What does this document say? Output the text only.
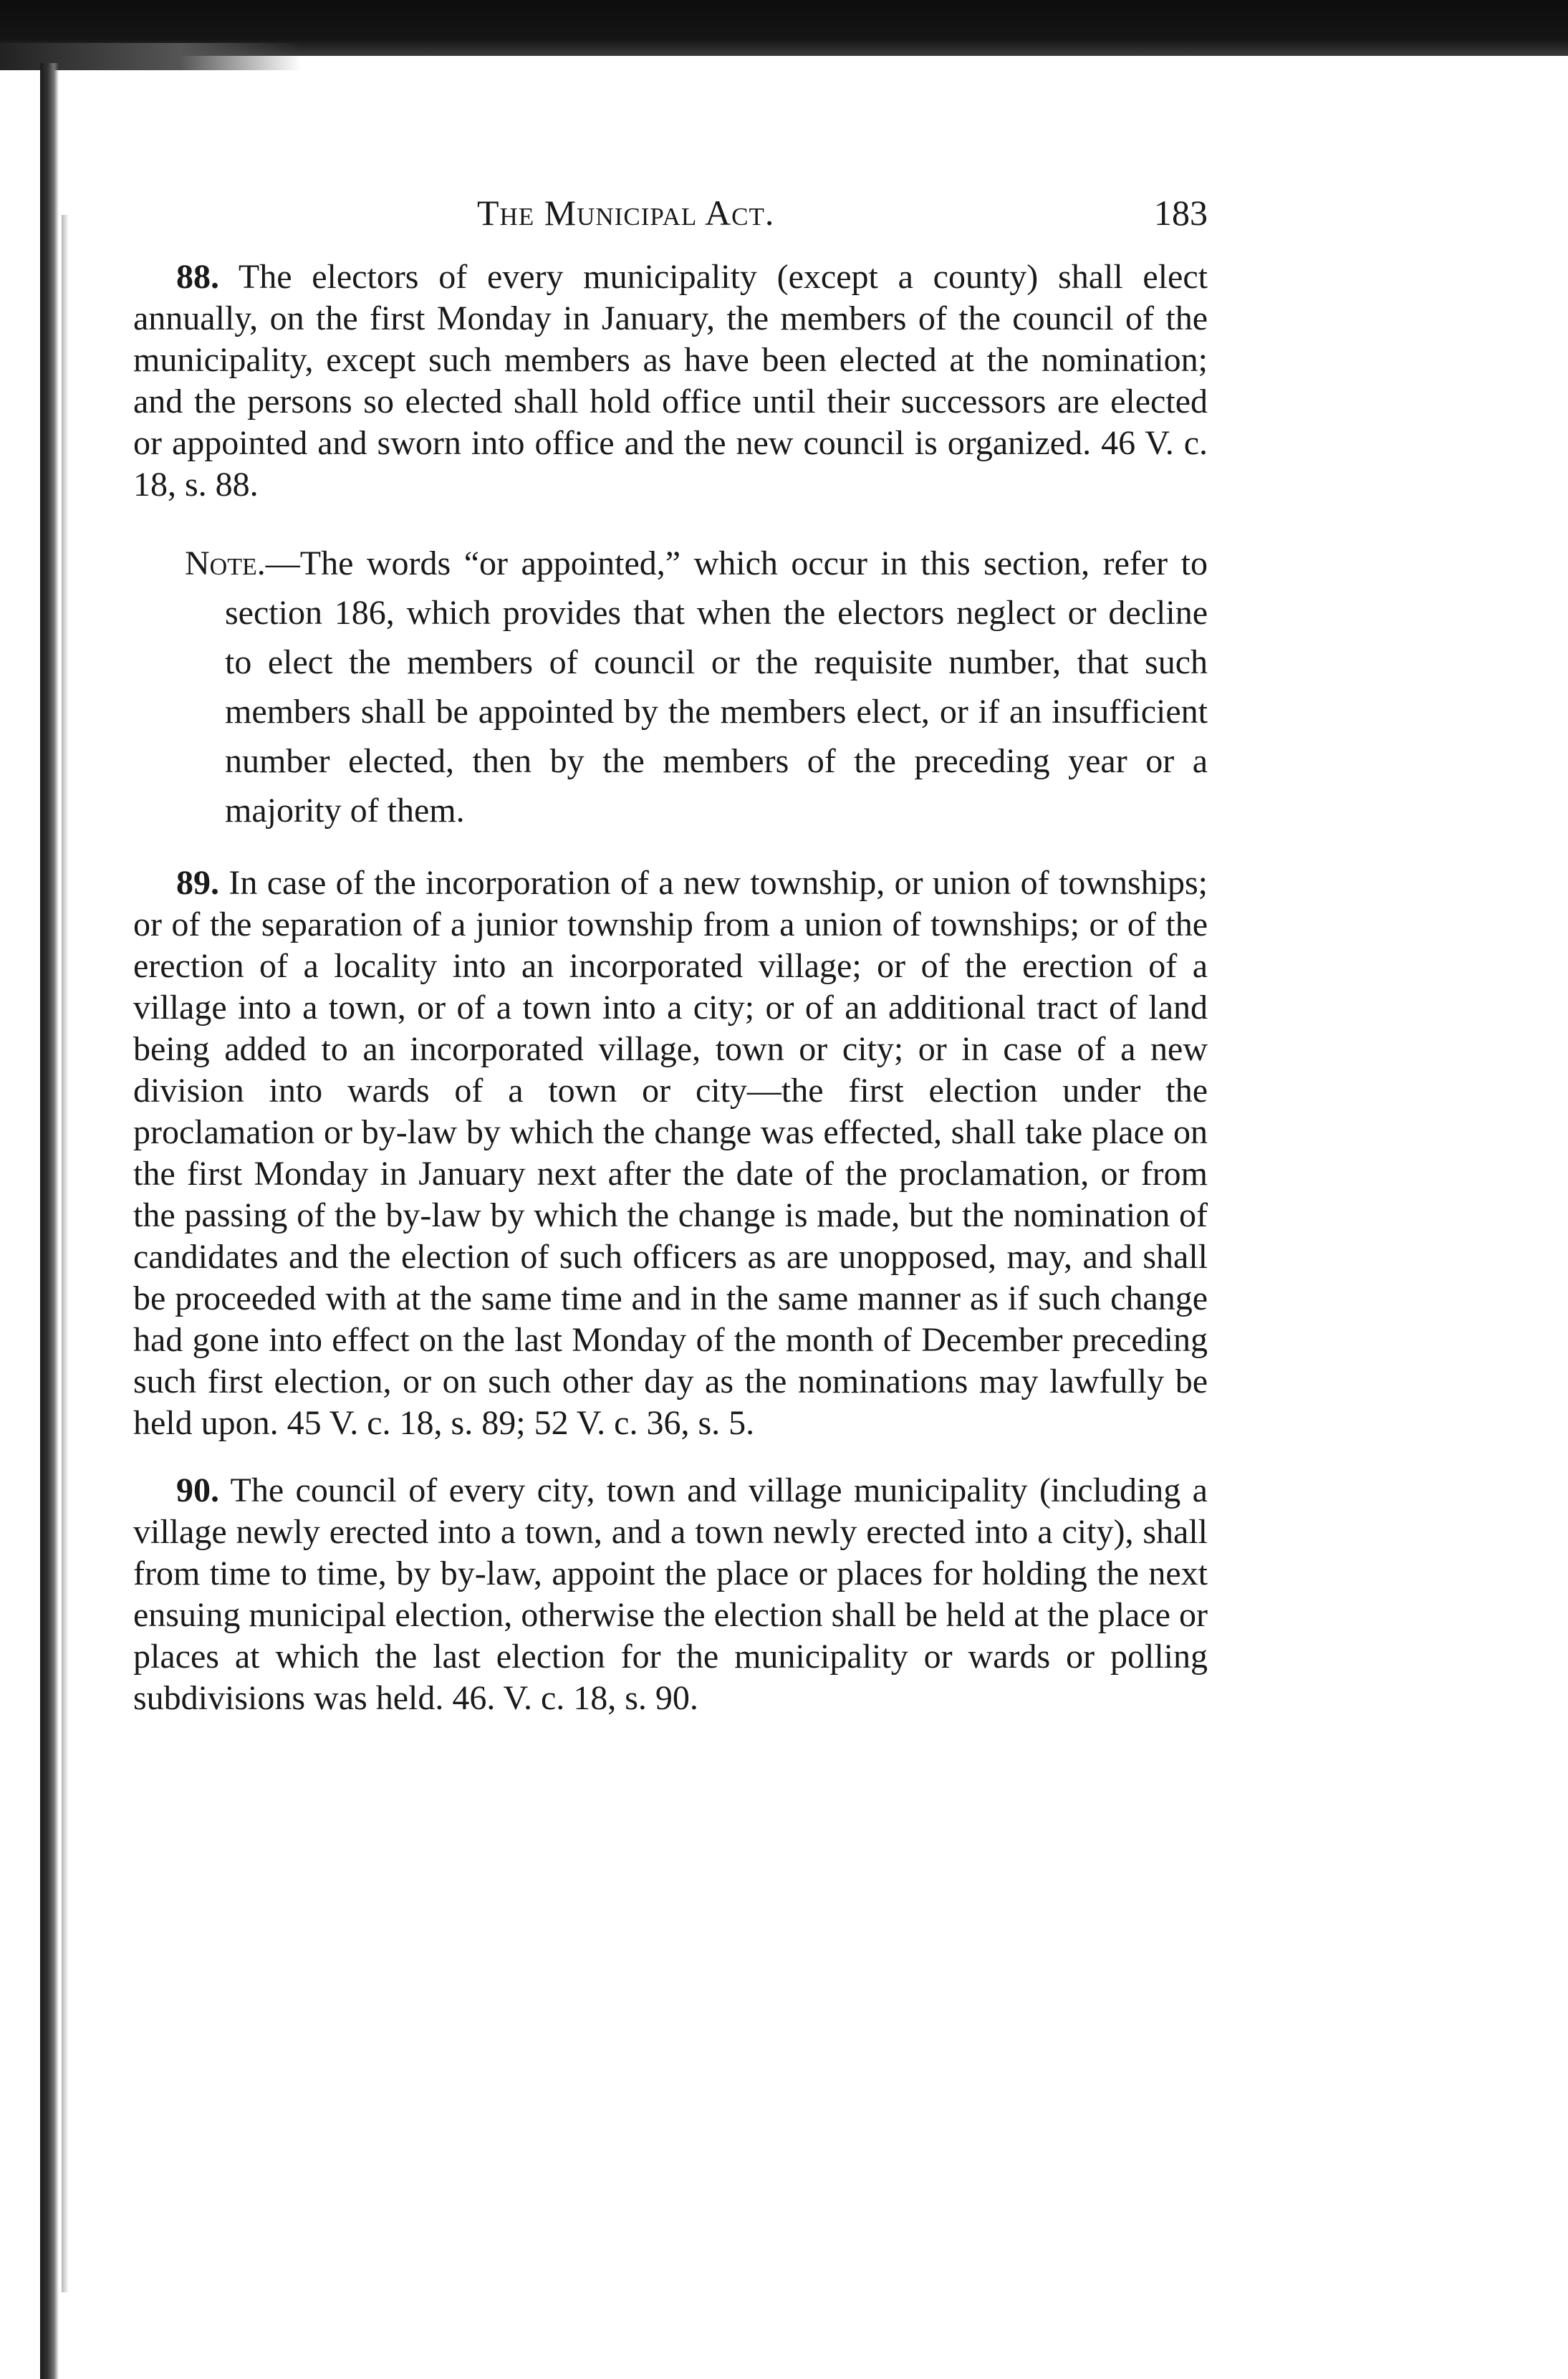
The Municipal Act.	183

88. The electors of every municipality (except a county) shall elect annually, on the first Monday in January, the members of the council of the municipality, except such members as have been elected at the nomination; and the persons so elected shall hold office until their successors are elected or appointed and sworn into office and the new council is organized. 46 V. c. 18, s. 88.

Note.—The words “or appointed,” which occur in this section, refer to section 186, which provides that when the electors neglect or decline to elect the members of council or the requisite number, that such members shall be appointed by the members elect, or if an insufficient number elected, then by the members of the preceding year or a majority of them.

89. In case of the incorporation of a new township, or union of townships; or of the separation of a junior township from a union of townships; or of the erection of a locality into an incorporated village; or of the erection of a village into a town, or of a town into a city; or of an additional tract of land being added to an incorporated village, town or city; or in case of a new division into wards of a town or city—the first election under the proclamation or by-law by which the change was effected, shall take place on the first Monday in January next after the date of the proclamation, or from the passing of the by-law by which the change is made, but the nomination of candidates and the election of such officers as are unopposed, may, and shall be proceeded with at the same time and in the same manner as if such change had gone into effect on the last Monday of the month of December preceding such first election, or on such other day as the nominations may lawfully be held upon. 45 V. c. 18, s. 89; 52 V. c. 36, s. 5.

90. The council of every city, town and village municipality (including a village newly erected into a town, and a town newly erected into a city), shall from time to time, by by-law, appoint the place or places for holding the next ensuing municipal election, otherwise the election shall be held at the place or places at which the last election for the municipality or wards or polling subdivisions was held. 46. V. c. 18, s. 90.
